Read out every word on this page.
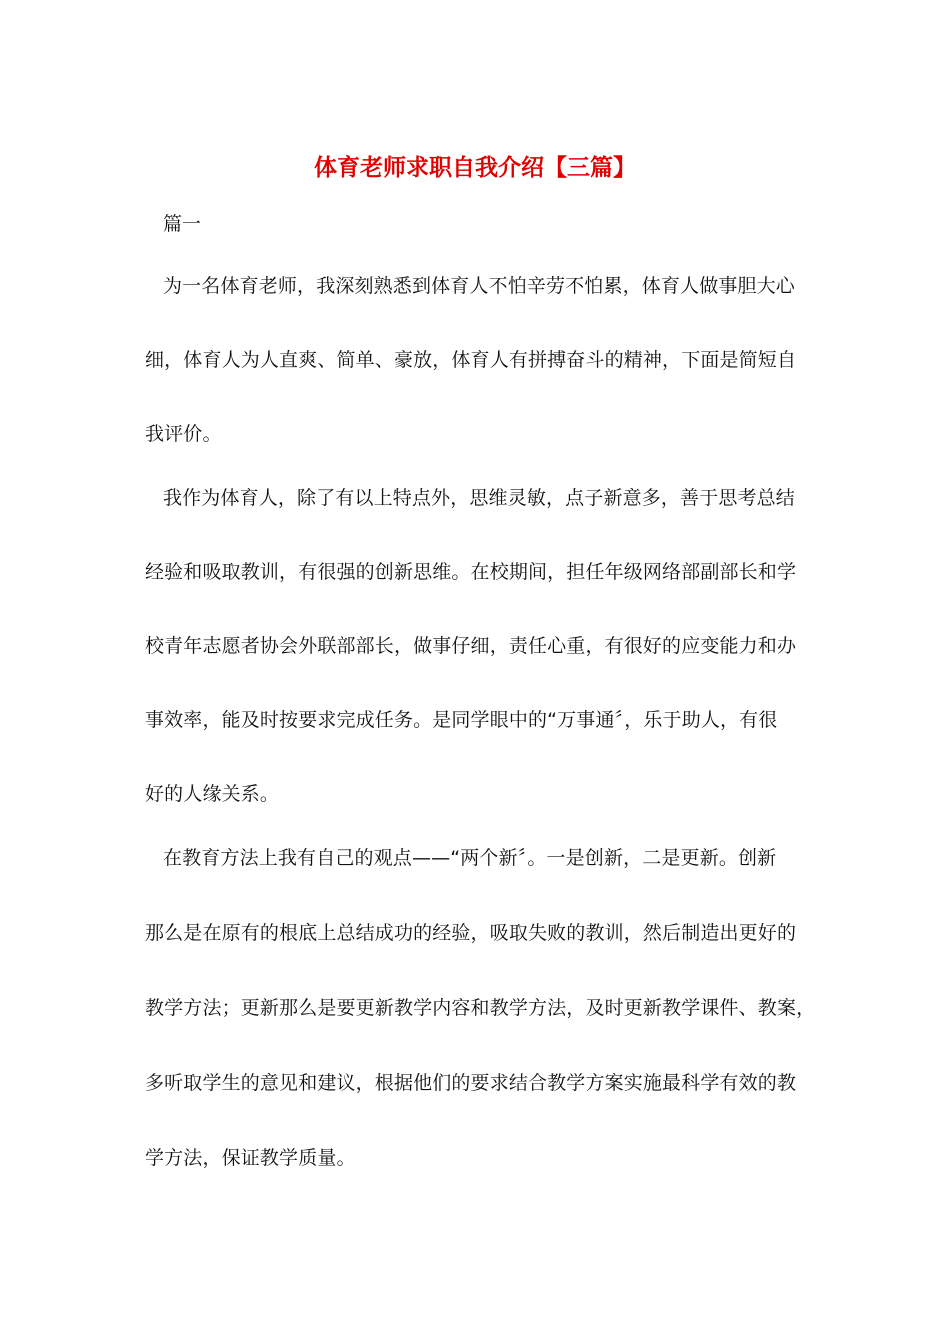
体育老师求职自我介绍【三篇】

篇一

为一名体育老师，我深刻熟悉到体育人不怕辛劳不怕累，体育人做事胆大心
细，体育人为人直爽、简单、豪放，体育人有拼搏奋斗的精神，下面是简短自
我评价。
我作为体育人，除了有以上特点外，思维灵敏，点子新意多，善于思考总结
经验和吸取教训，有很强的创新思维。在校期间，担任年级网络部副部长和学
校青年志愿者协会外联部部长，做事仔细，责任心重，有很好的应变能力和办
事效率，能及时按要求完成任务。是同学眼中的“万事通〞，乐于助人，有很
好的人缘关系。
在教育方法上我有自己的观点——“两个新〞。一是创新，二是更新。创新
那么是在原有的根底上总结成功的经验，吸取失败的教训，然后制造出更好的
教学方法；更新那么是要更新教学内容和教学方法，及时更新教学课件、教案，
多听取学生的意见和建议，根据他们的要求结合教学方案实施最科学有效的教
学方法，保证教学质量。
